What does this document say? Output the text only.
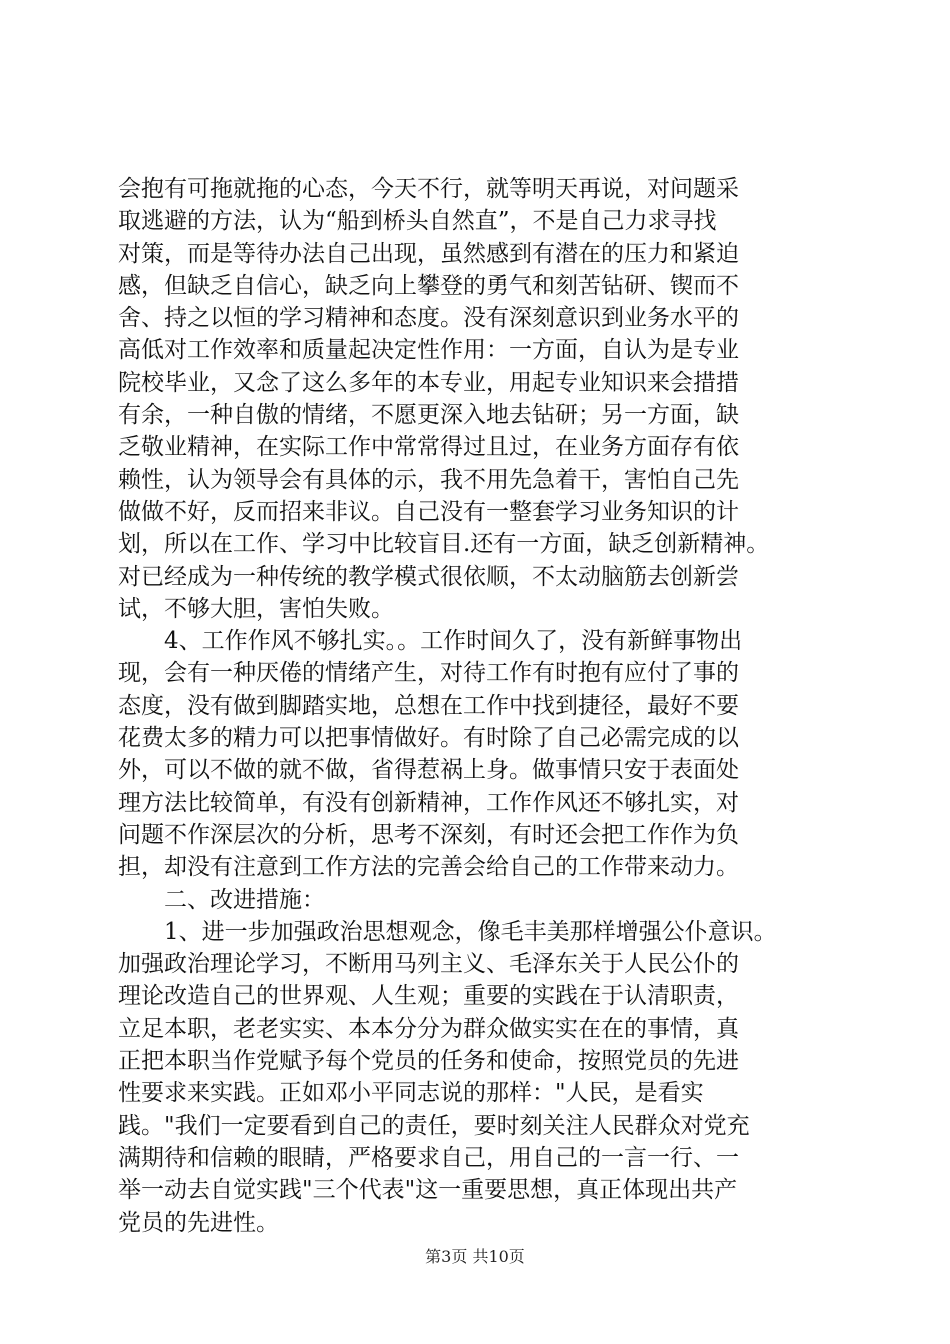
会抱有可拖就拖的心态，今天不行，就等明天再说，对问题采
取逃避的方法，认为“船到桥头自然直”，不是自己力求寻找
对策，而是等待办法自己出现，虽然感到有潜在的压力和紧迫
感，但缺乏自信心，缺乏向上攀登的勇气和刻苦钻研、锲而不
舍、持之以恒的学习精神和态度。没有深刻意识到业务水平的
高低对工作效率和质量起决定性作用：一方面，自认为是专业
院校毕业，又念了这么多年的本专业，用起专业知识来会措措
有余，一种自傲的情绪，不愿更深入地去钻研；另一方面，缺
乏敬业精神，在实际工作中常常得过且过，在业务方面存有依
赖性，认为领导会有具体的示，我不用先急着干，害怕自己先
做做不好，反而招来非议。自己没有一整套学习业务知识的计
划，所以在工作、学习中比较盲目.还有一方面，缺乏创新精神。
对已经成为一种传统的教学模式很依顺，不太动脑筋去创新尝
试，不够大胆，害怕失败。
4、工作作风不够扎实。。工作时间久了，没有新鲜事物出
现，会有一种厌倦的情绪产生，对待工作有时抱有应付了事的
态度，没有做到脚踏实地，总想在工作中找到捷径，最好不要
花费太多的精力可以把事情做好。有时除了自己必需完成的以
外，可以不做的就不做，省得惹祸上身。做事情只安于表面处
理方法比较简单，有没有创新精神，工作作风还不够扎实，对
问题不作深层次的分析，思考不深刻，有时还会把工作作为负
担，却没有注意到工作方法的完善会给自己的工作带来动力。
二、改进措施：
1、进一步加强政治思想观念，像毛丰美那样增强公仆意识。
加强政治理论学习，不断用马列主义、毛泽东关于人民公仆的
理论改造自己的世界观、人生观；重要的实践在于认清职责，
立足本职，老老实实、本本分分为群众做实实在在的事情，真
正把本职当作党赋予每个党员的任务和使命，按照党员的先进
性要求来实践。正如邓小平同志说的那样："人民，是看实
践。"我们一定要看到自己的责任，要时刻关注人民群众对党充
满期待和信赖的眼睛，严格要求自己，用自己的一言一行、一
举一动去自觉实践"三个代表"这一重要思想，真正体现出共产
党员的先进性。
第3页 共10页
